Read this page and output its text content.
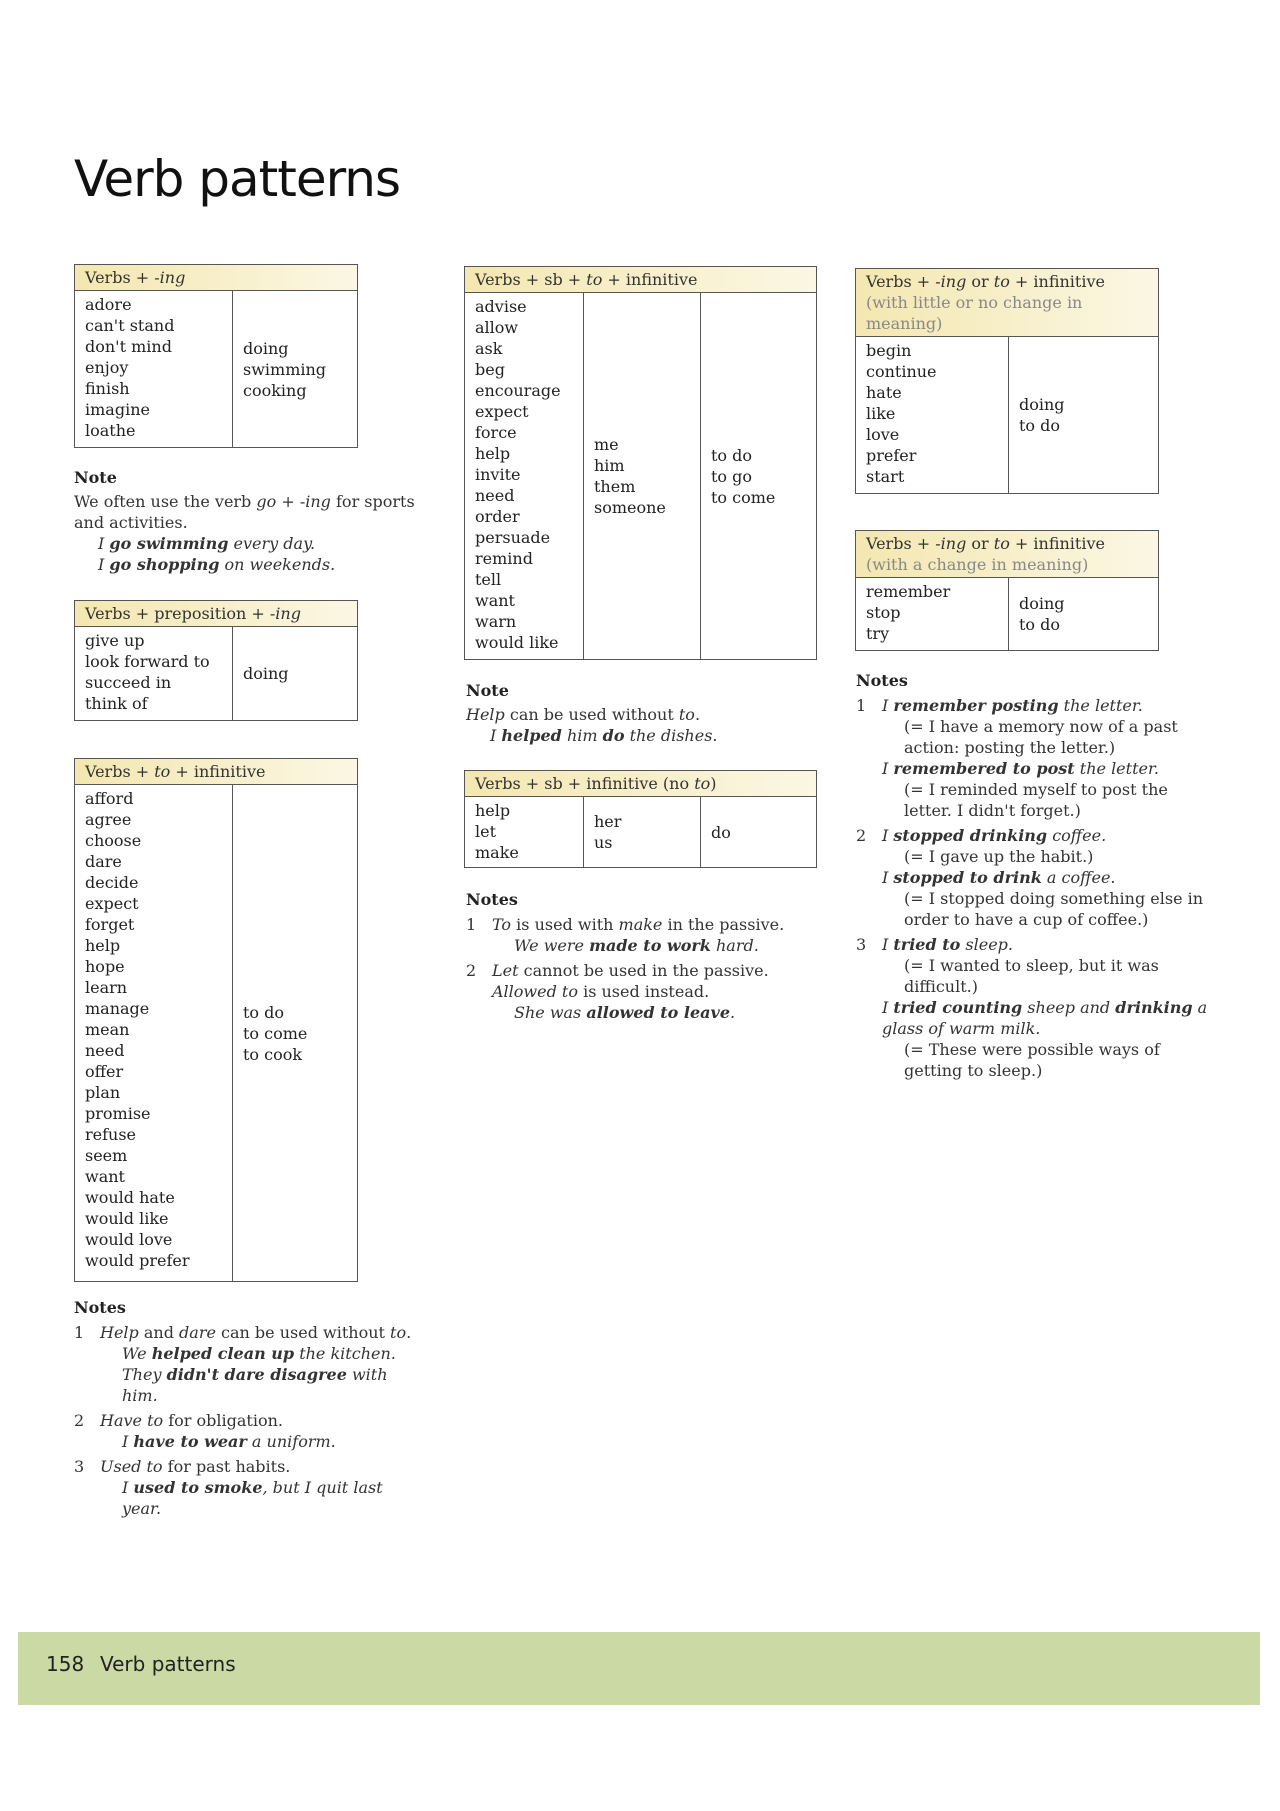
Verb patterns
Verbs + -ing
adore
can't stand
don't mind
enjoy
finish
imagine
loathe
doing
swimming
cooking
Note

We often use the verb go + -ing for sports and activities.

I go swimming every day.

I go shopping on weekends.

Verbs + preposition + -ing
give up
look forward to
succeed in
think of
doing
Verbs + to + infinitive
afford
agree
choose
dare
decide
expect
forget
help
hope
learn
manage
mean
need
offer
plan
promise
refuse
seem
want
would hate
would like
would love
would prefer
to do
to come
to cook
Notes
1 Help and dare can be used without to.

We helped clean up the kitchen.

They didn't dare disagree with him.

2 Have to for obligation.

I have to wear a uniform.

3 Used to for past habits.

I used to smoke, but I quit last year.

Verbs + sb + to + infinitive
advise
allow
ask
beg
encourage
expect
force
help
invite
need
order
persuade
remind
tell
want
warn
would like
me
him
them
someone
to do
to go
to come
Note

Help can be used without to.

I helped him do the dishes.

Verbs + sb + infinitive (no to)
help
let
make
her
us
do
Notes
1 To is used with make in the passive.

We were made to work hard.

2 Let cannot be used in the passive. Allowed to is used instead.

She was allowed to leave.

Verbs + -ing or to + infinitive
(with little or no change in meaning)
begin
continue
hate
like
love
prefer
start
doing
to do
Verbs + -ing or to + infinitive
(with a change in meaning)
remember
stop
try
doing
to do
Notes
1 I remember posting the letter.

(= I have a memory now of a past action: posting the letter.)

I remembered to post the letter.

(= I reminded myself to post the letter. I didn't forget.)

2 I stopped drinking coffee.

(= I gave up the habit.)

I stopped to drink a coffee.

(= I stopped doing something else in order to have a cup of coffee.)

3 I tried to sleep.

(= I wanted to sleep, but it was difficult.)

I tried counting sheep and drinking a glass of warm milk.

(= These were possible ways of getting to sleep.)

158 Verb patterns
